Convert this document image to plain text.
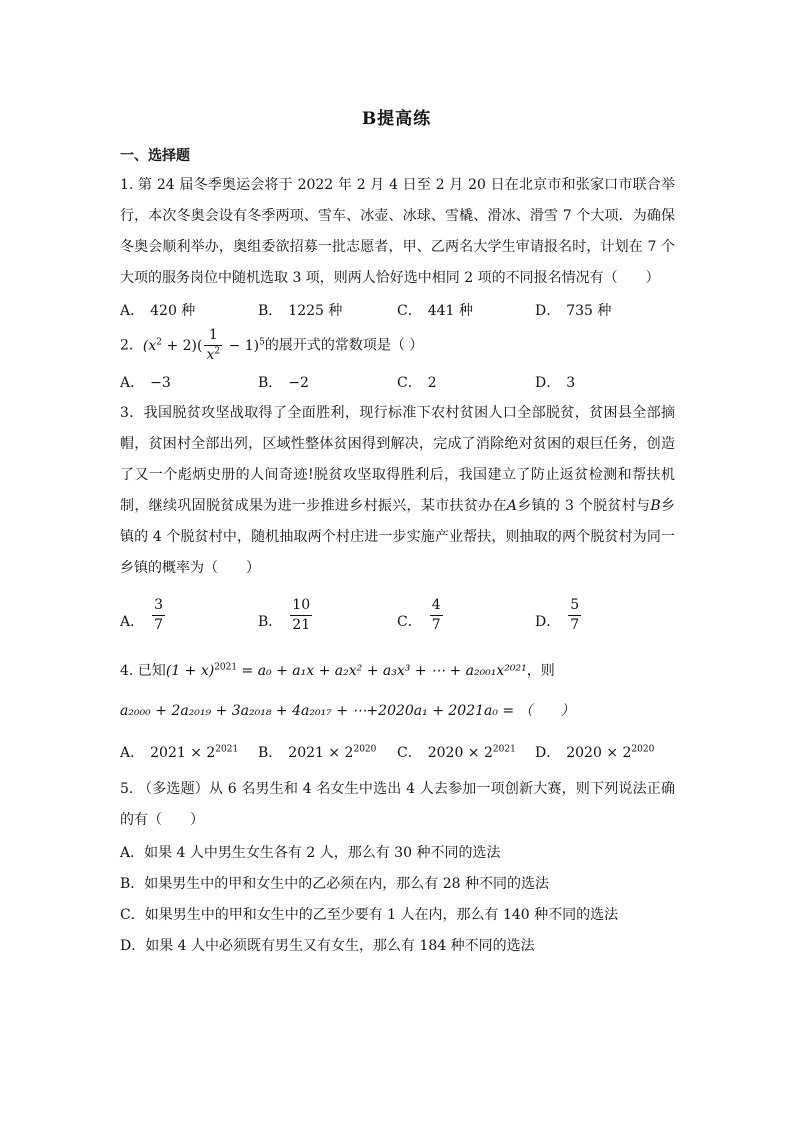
B提高练
一、选择题
1. 第 24 届冬季奥运会将于 2022 年 2 月 4 日至 2 月 20 日在北京市和张家口市联合举行，本次冬奥会设有冬季两项、雪车、冰壶、冰球、雪橇、滑冰、滑雪 7 个大项．为确保冬奥会顺利举办，奥组委欲招募一批志愿者，甲、乙两名大学生审请报名时，计划在 7 个大项的服务岗位中随机选取 3 项，则两人恰好选中相同 2 项的不同报名情况有（　　）
A． 420 种	B． 1225 种	C． 441 种	D． 735 种
2．$(x^2 + 2)( \frac{1}{x^2} - 1)^5$的展开式的常数项是（ ）
A． −3	B． −2	C． 2	D． 3
3．我国脱贫攻坚战取得了全面胜利，现行标准下农村贫困人口全部脱贫，贫困县全部摘帽，贫困村全部出列，区域性整体贫困得到解决，完成了消除绝对贫困的艰巨任务，创造了又一个彪炳史册的人间奇迹!脱贫攻坚取得胜利后，我国建立了防止返贫检测和帮扶机制，继续巩固脱贫成果为进一步推进乡村振兴，某市扶贫办在A乡镇的 3 个脱贫村与B乡镇的 4 个脱贫村中，随机抽取两个村庄进一步实施产业帮扶，则抽取的两个脱贫村为同一乡镇的概率为（　　）
A． $\frac{3}{7}$	B． $\frac{10}{21}$	C． $\frac{4}{7}$	D． $\frac{5}{7}$
4. 已知$(1 + x)^{2021} = a_0 + a_1x + a_2x^2 + a_3x^3$ + ⋯ + a₂₀₀₁x²⁰²¹，则
a₂₀₀₀ + 2a₂₀₁₉ + 3a₂₀₁₈ + 4a₂₀₁₇ + ⋯+2020a₁ + 2021a₀ = （　　）
A． $2021 \times 2^{2021}$ B． $2021 \times 2^{2020}$ C． $2020 \times 2^{2021}$ D． $2020 \times 2^{2020}$
5. （多选题）从 6 名男生和 4 名女生中选出 4 人去参加一项创新大赛，则下列说法正确的有（　　）
A．如果 4 人中男生女生各有 2 人，那么有 30 种不同的选法
B．如果男生中的甲和女生中的乙必须在内，那么有 28 种不同的选法
C．如果男生中的甲和女生中的乙至少要有 1 人在内，那么有 140 种不同的选法
D．如果 4 人中必须既有男生又有女生，那么有 184 种不同的选法
